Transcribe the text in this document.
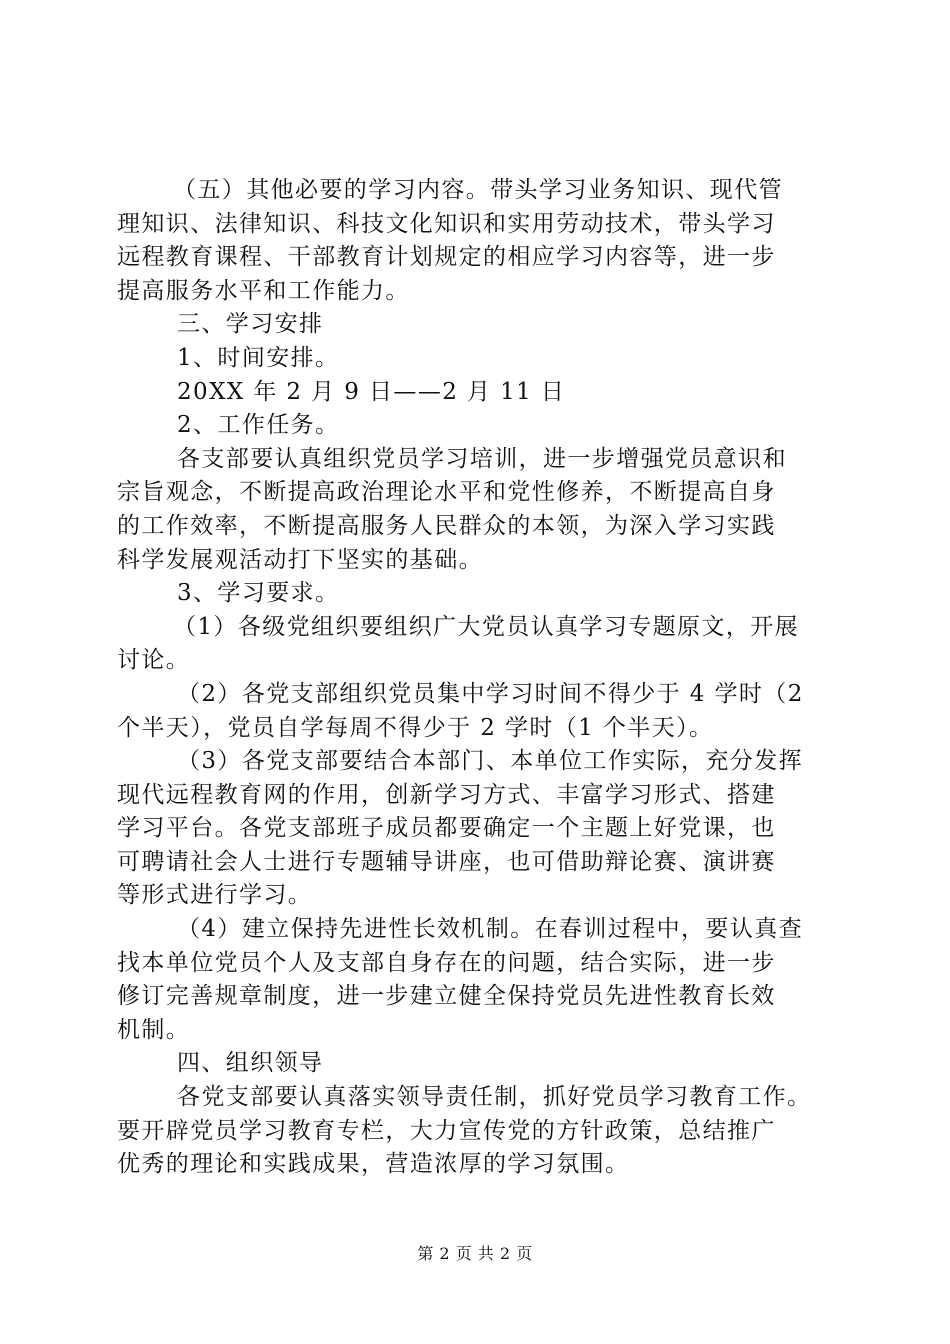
（五）其他必要的学习内容。带头学习业务知识、现代管
理知识、法律知识、科技文化知识和实用劳动技术，带头学习
远程教育课程、干部教育计划规定的相应学习内容等，进一步
提高服务水平和工作能力。
三、学习安排
1、时间安排。
20XX 年 2 月 9 日——2 月 11 日
2、工作任务。
各支部要认真组织党员学习培训，进一步增强党员意识和
宗旨观念，不断提高政治理论水平和党性修养，不断提高自身
的工作效率，不断提高服务人民群众的本领，为深入学习实践
科学发展观活动打下坚实的基础。
3、学习要求。
（1）各级党组织要组织广大党员认真学习专题原文，开展
讨论。
（2）各党支部组织党员集中学习时间不得少于 4 学时（2
个半天），党员自学每周不得少于 2 学时（1 个半天）。
（3）各党支部要结合本部门、本单位工作实际，充分发挥
现代远程教育网的作用，创新学习方式、丰富学习形式、搭建
学习平台。各党支部班子成员都要确定一个主题上好党课，也
可聘请社会人士进行专题辅导讲座，也可借助辩论赛、演讲赛
等形式进行学习。
（4）建立保持先进性长效机制。在春训过程中，要认真查
找本单位党员个人及支部自身存在的问题，结合实际，进一步
修订完善规章制度，进一步建立健全保持党员先进性教育长效
机制。
四、组织领导
各党支部要认真落实领导责任制，抓好党员学习教育工作。
要开辟党员学习教育专栏，大力宣传党的方针政策，总结推广
优秀的理论和实践成果，营造浓厚的学习氛围。
第 2 页 共 2 页
